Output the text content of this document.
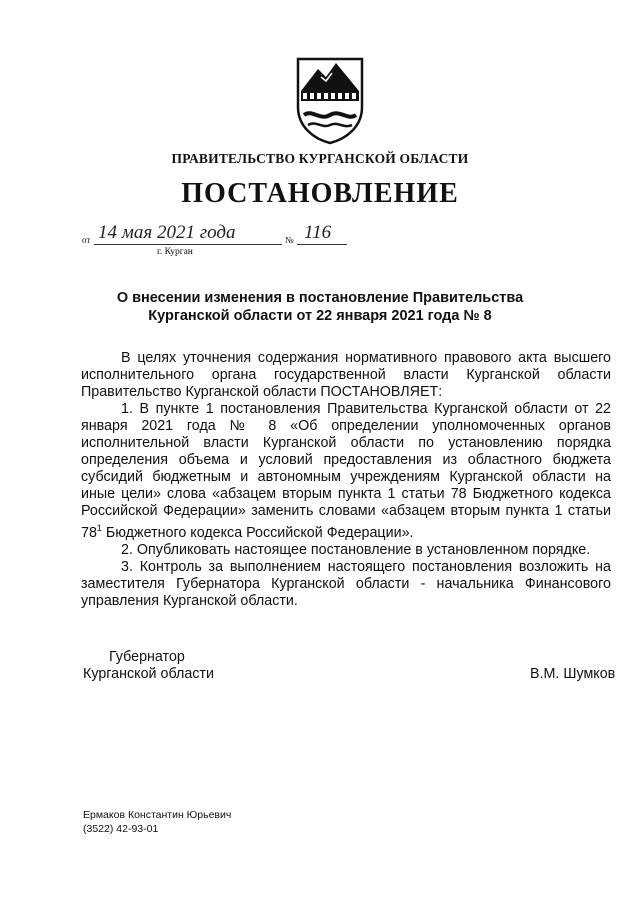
ПРАВИТЕЛЬСТВО КУРГАНСКОЙ ОБЛАСТИ
ПОСТАНОВЛЕНИЕ
от 14 мая 2021 года	№ 116
г. Курган
О внесении изменения в постановление Правительства
Курганской области от 22 января 2021 года № 8

В целях уточнения содержания нормативного правового акта высшего исполнительного органа государственной власти Курганской области Правительство Курганской области ПОСТАНОВЛЯЕТ:

1. В пункте 1 постановления Правительства Курганской области от 22 января 2021 года № 8 «Об определении уполномоченных органов исполнительной власти Курганской области по установлению порядка определения объема и условий предоставления из областного бюджета субсидий бюджетным и автономным учреждениям Курганской области на иные цели» слова «абзацем вторым пункта 1 статьи 78 Бюджетного кодекса Российской Федерации» заменить словами «абзацем вторым пункта 1 статьи $78^1$ Бюджетного кодекса Российской Федерации».

2. Опубликовать настоящее постановление в установленном порядке.

3. Контроль за выполнением настоящего постановления возложить на заместителя Губернатора Курганской области - начальника Финансового управления Курганской области.

Губернатор
Курганской области	В.М. Шумков
Ермаков Константин Юрьевич
(3522) 42-93-01
